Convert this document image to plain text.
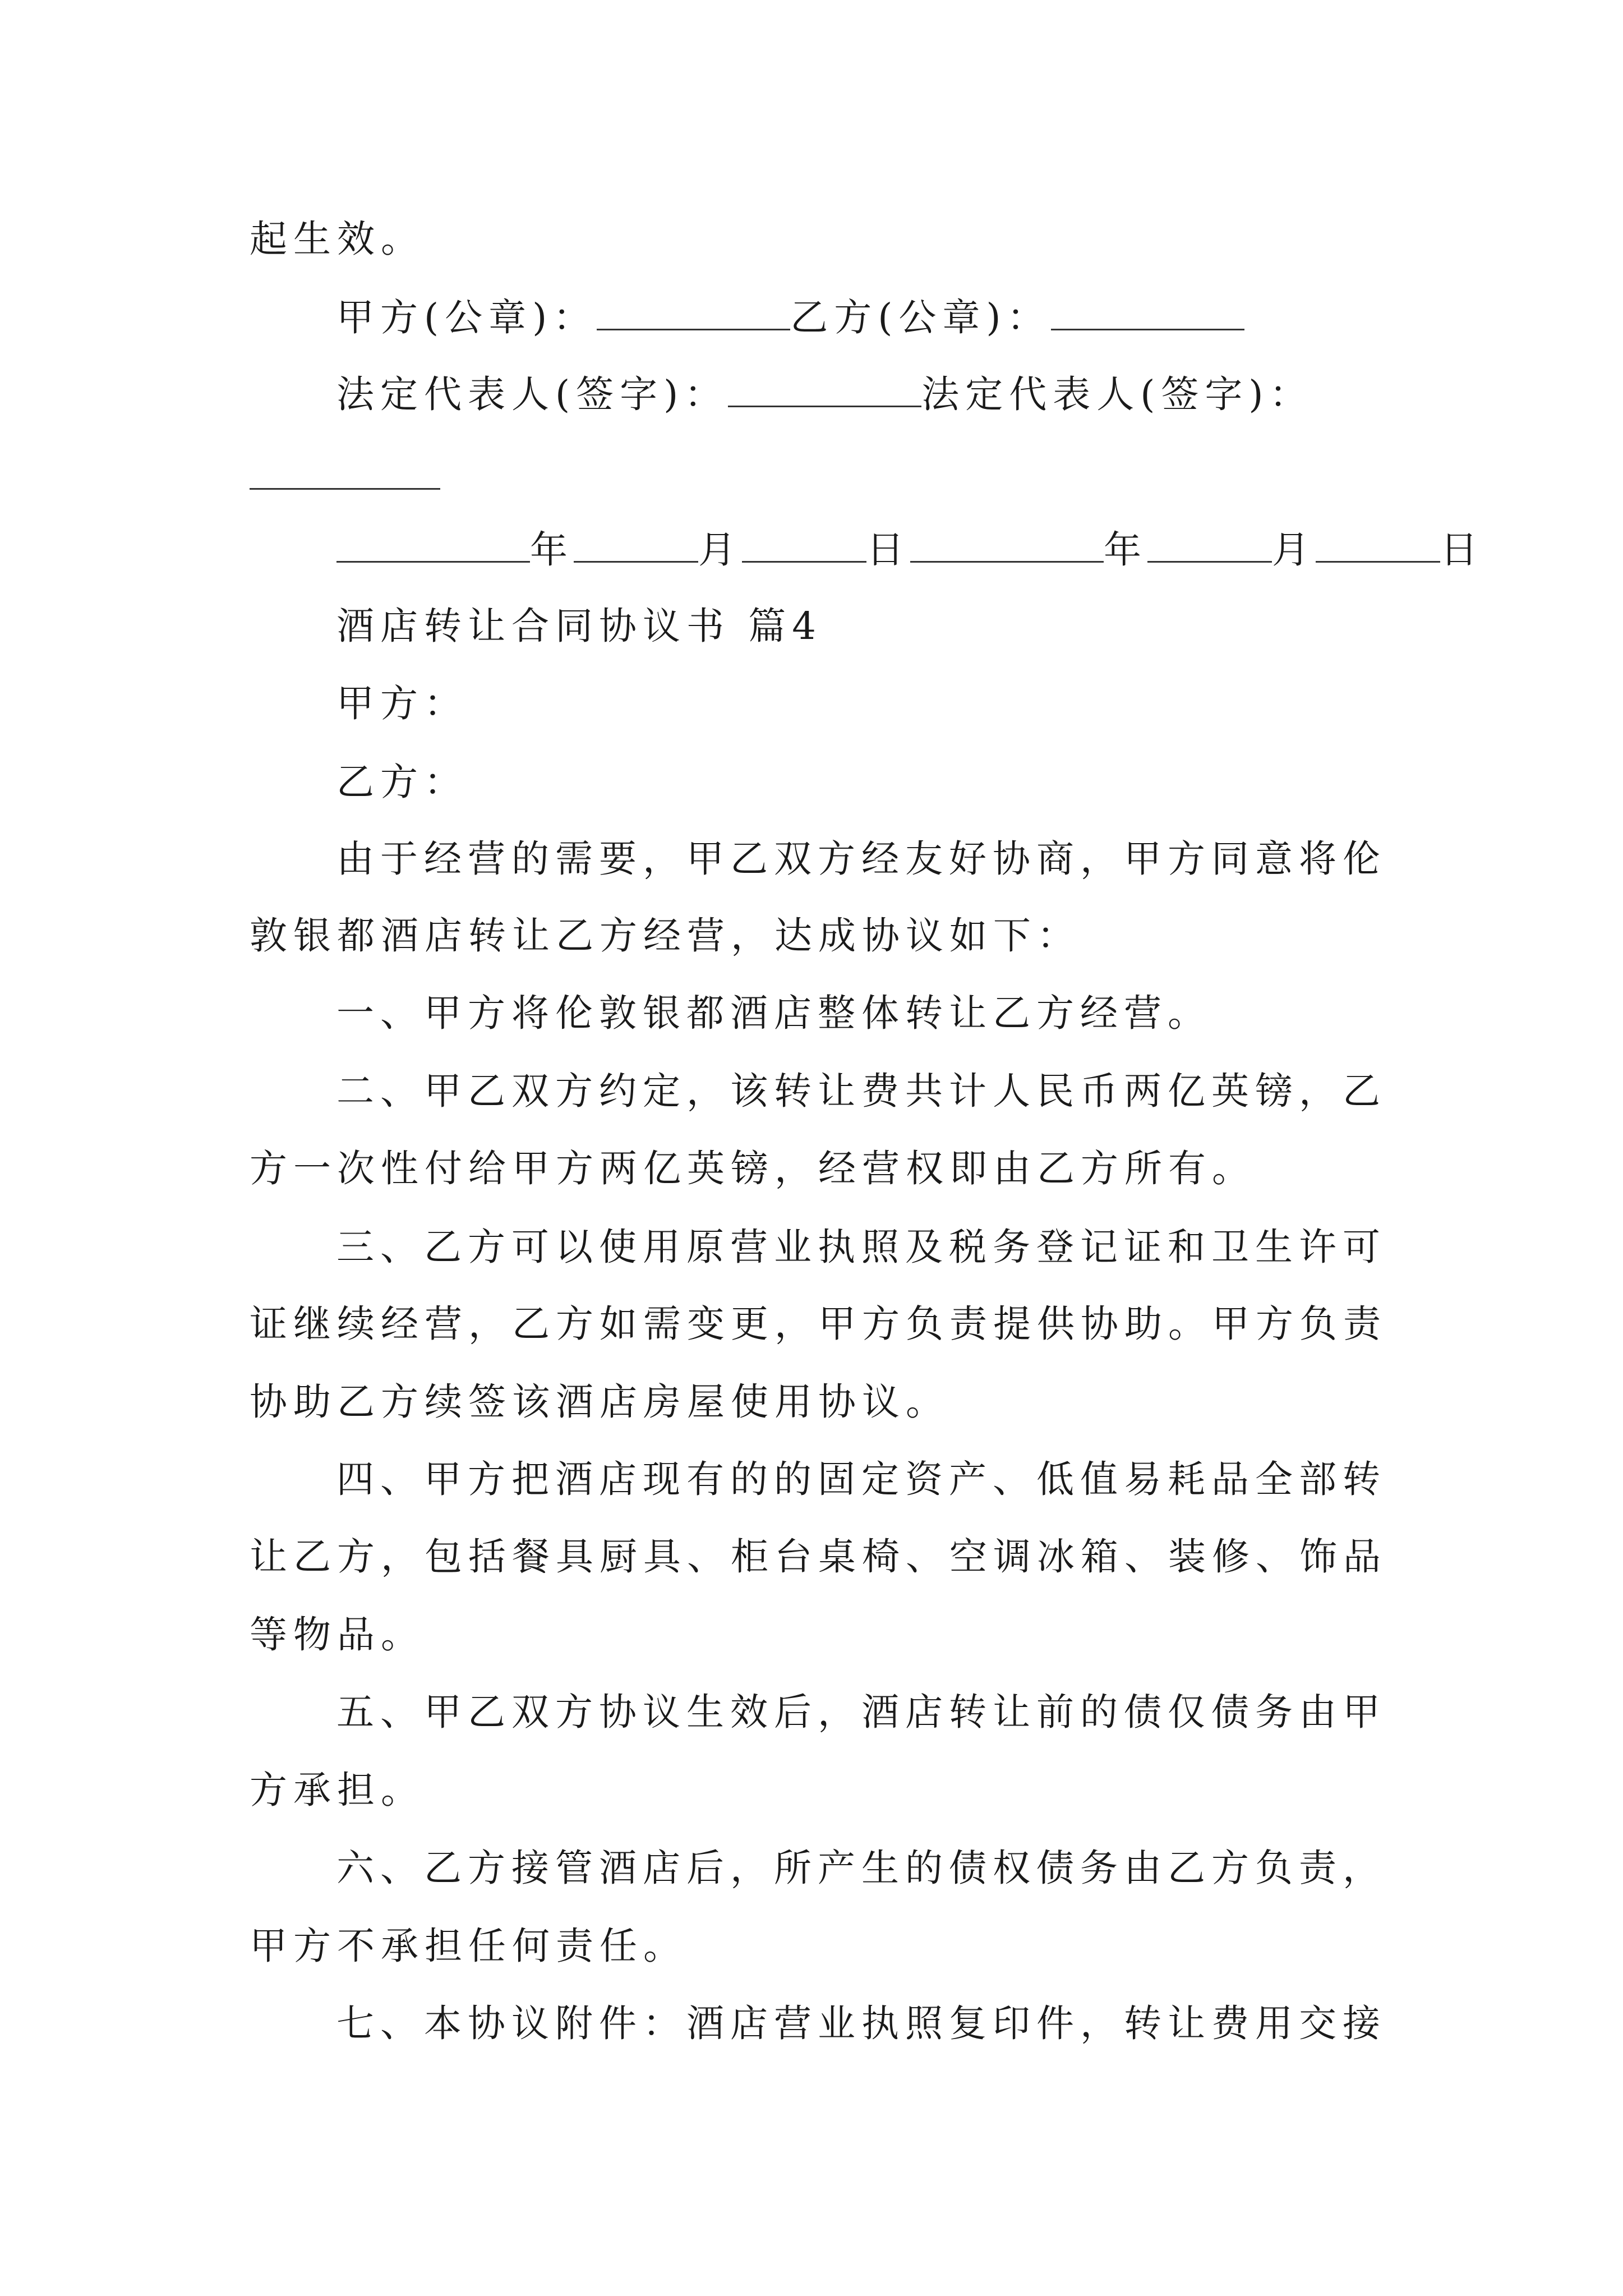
起生效。
甲方(公章)：	乙方(公章)：
法定代表人(签字)：	法定代表人(签字)：
年	月	日	年	月	日
酒店转让合同协议书 篇4
甲方：
乙方：
由于经营的需要，甲乙双方经友好协商，甲方同意将伦
敦银都酒店转让乙方经营，达成协议如下：
一、甲方将伦敦银都酒店整体转让乙方经营。
二、甲乙双方约定，该转让费共计人民币两亿英镑，乙
方一次性付给甲方两亿英镑，经营权即由乙方所有。
三、乙方可以使用原营业执照及税务登记证和卫生许可
证继续经营，乙方如需变更，甲方负责提供协助。甲方负责
协助乙方续签该酒店房屋使用协议。
四、甲方把酒店现有的的固定资产、低值易耗品全部转
让乙方，包括餐具厨具、柜台桌椅、空调冰箱、装修、饰品
等物品。
五、甲乙双方协议生效后，酒店转让前的债仅债务由甲
方承担。
六、乙方接管酒店后，所产生的债权债务由乙方负责，
甲方不承担任何责任。
七、本协议附件：酒店营业执照复印件，转让费用交接
